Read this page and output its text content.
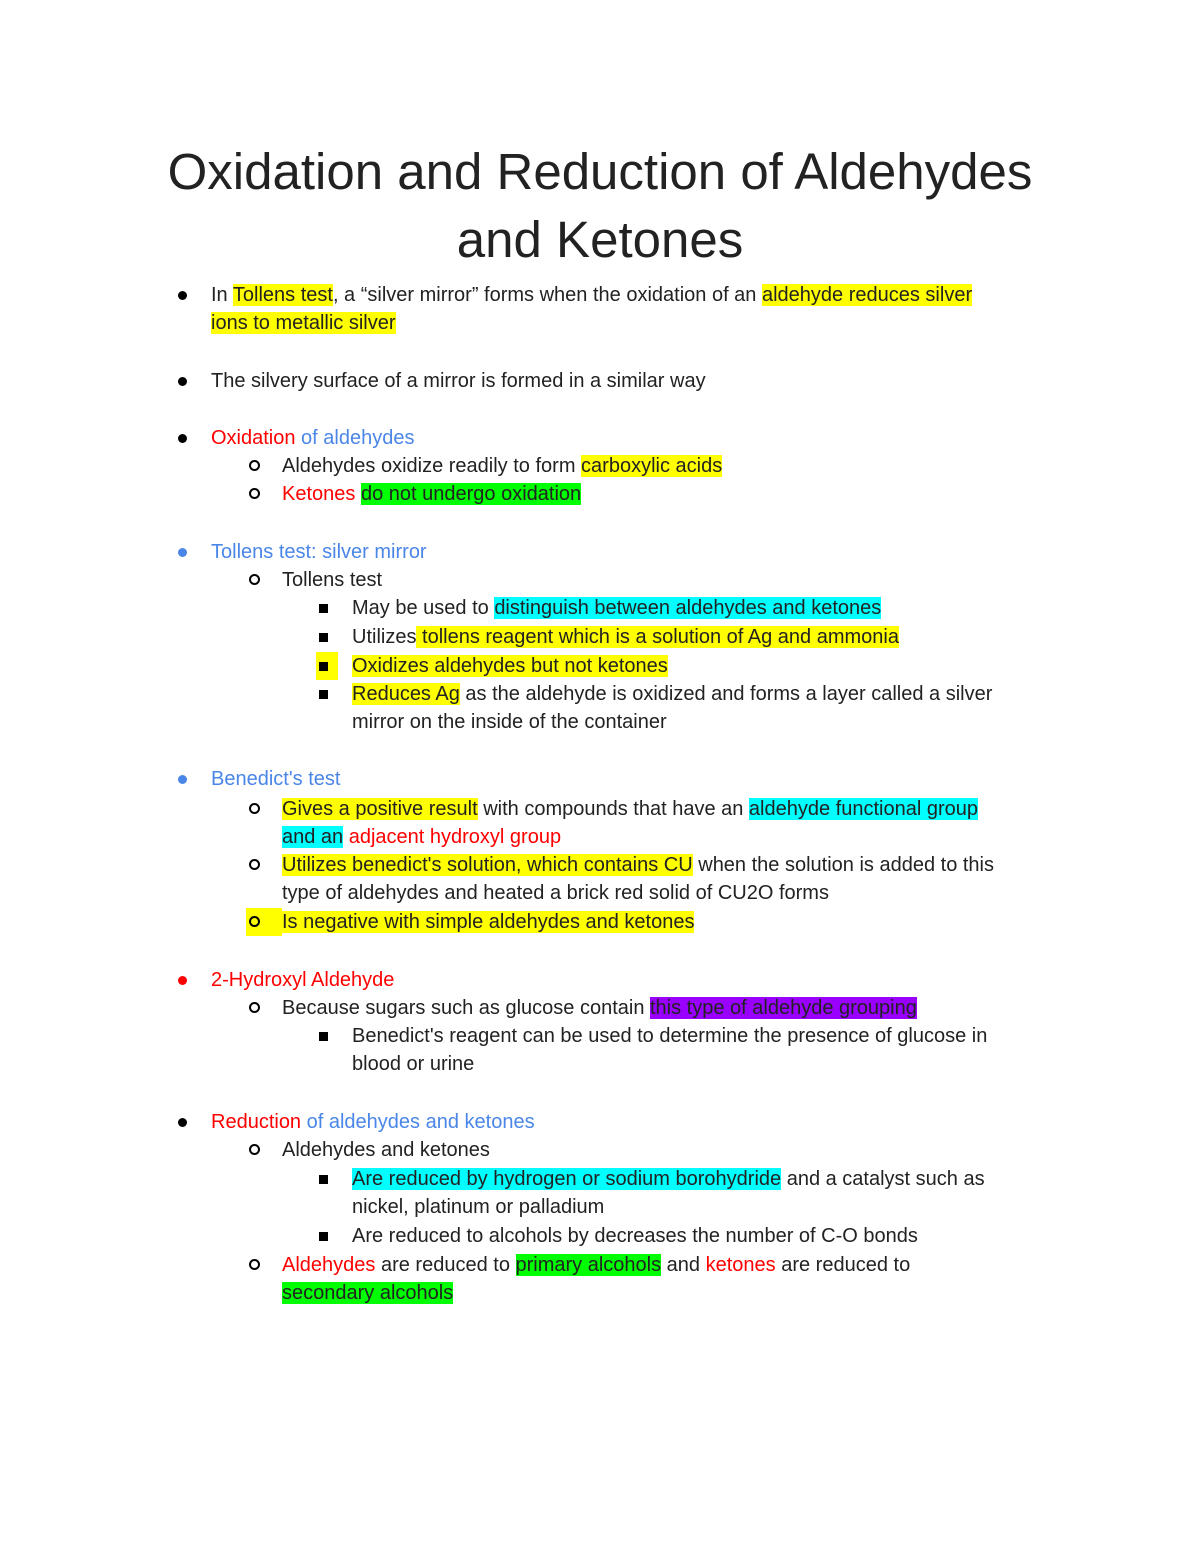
Oxidation and Reduction of Aldehydes
and Ketones
In Tollens test, a “silver mirror” forms when the oxidation of an aldehyde reduces silver
ions to metallic silver
The silvery surface of a mirror is formed in a similar way
Oxidation of aldehydes
Aldehydes oxidize readily to form carboxylic acids
Ketones do not undergo oxidation
Tollens test: silver mirror
Tollens test
May be used to distinguish between aldehydes and ketones
Utilizes tollens reagent which is a solution of Ag and ammonia
Oxidizes aldehydes but not ketones
Reduces Ag as the aldehyde is oxidized and forms a layer called a silver
mirror on the inside of the container
Benedict's test
Gives a positive result with compounds that have an aldehyde functional group
and an adjacent hydroxyl group
Utilizes benedict's solution, which contains CU when the solution is added to this
type of aldehydes and heated a brick red solid of CU2O forms
Is negative with simple aldehydes and ketones
2-Hydroxyl Aldehyde
Because sugars such as glucose contain this type of aldehyde grouping
Benedict's reagent can be used to determine the presence of glucose in
blood or urine
Reduction of aldehydes and ketones
Aldehydes and ketones
Are reduced by hydrogen or sodium borohydride and a catalyst such as
nickel, platinum or palladium
Are reduced to alcohols by decreases the number of C-O bonds
Aldehydes are reduced to primary alcohols and ketones are reduced to
secondary alcohols
